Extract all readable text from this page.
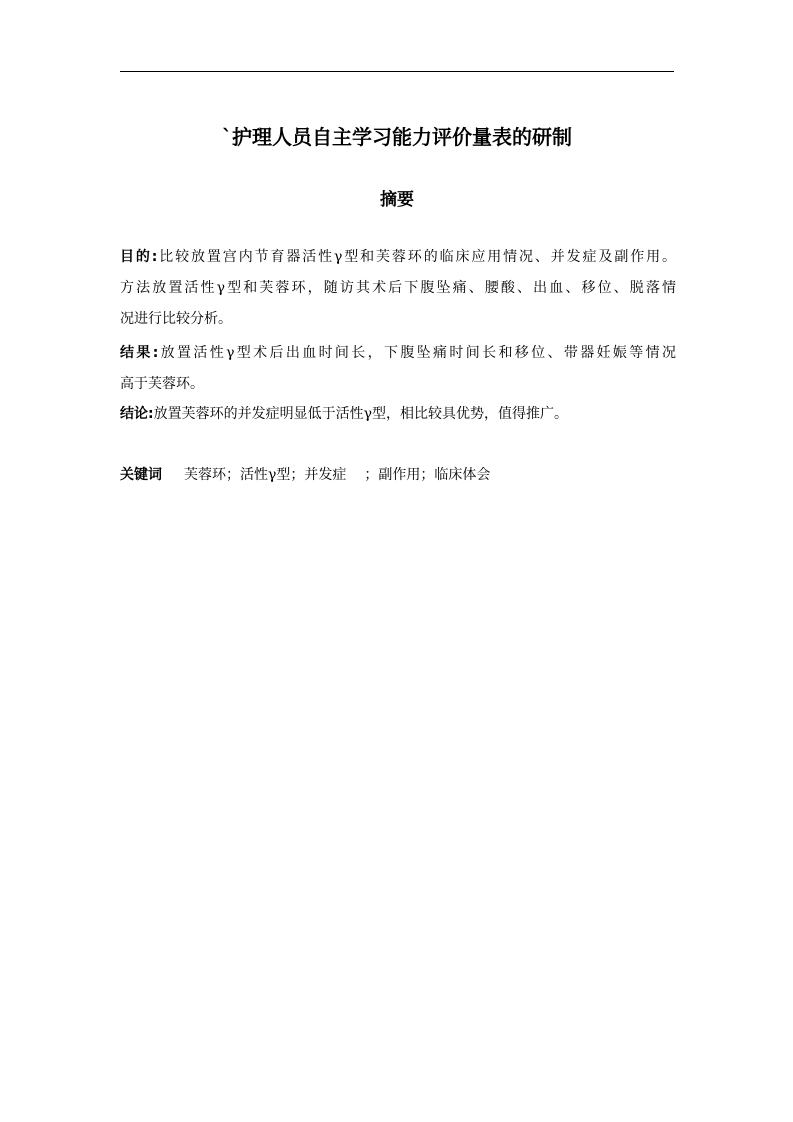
`护理人员自主学习能力评价量表的研制
摘要
目的:比较放置宫内节育器活性γ型和芙蓉环的临床应用情况、并发症及副作用。
方法放置活性γ型和芙蓉环，随访其术后下腹坠痛、腰酸、出血、移位、脱落情
况进行比较分析。
结果:放置活性γ型术后出血时间长，下腹坠痛时间长和移位、带器妊娠等情况
高于芙蓉环。
结论:放置芙蓉环的并发症明显低于活性γ型，相比较具优势，值得推广。
关键词 芙蓉环；活性γ型；并发症 ；副作用；临床体会
